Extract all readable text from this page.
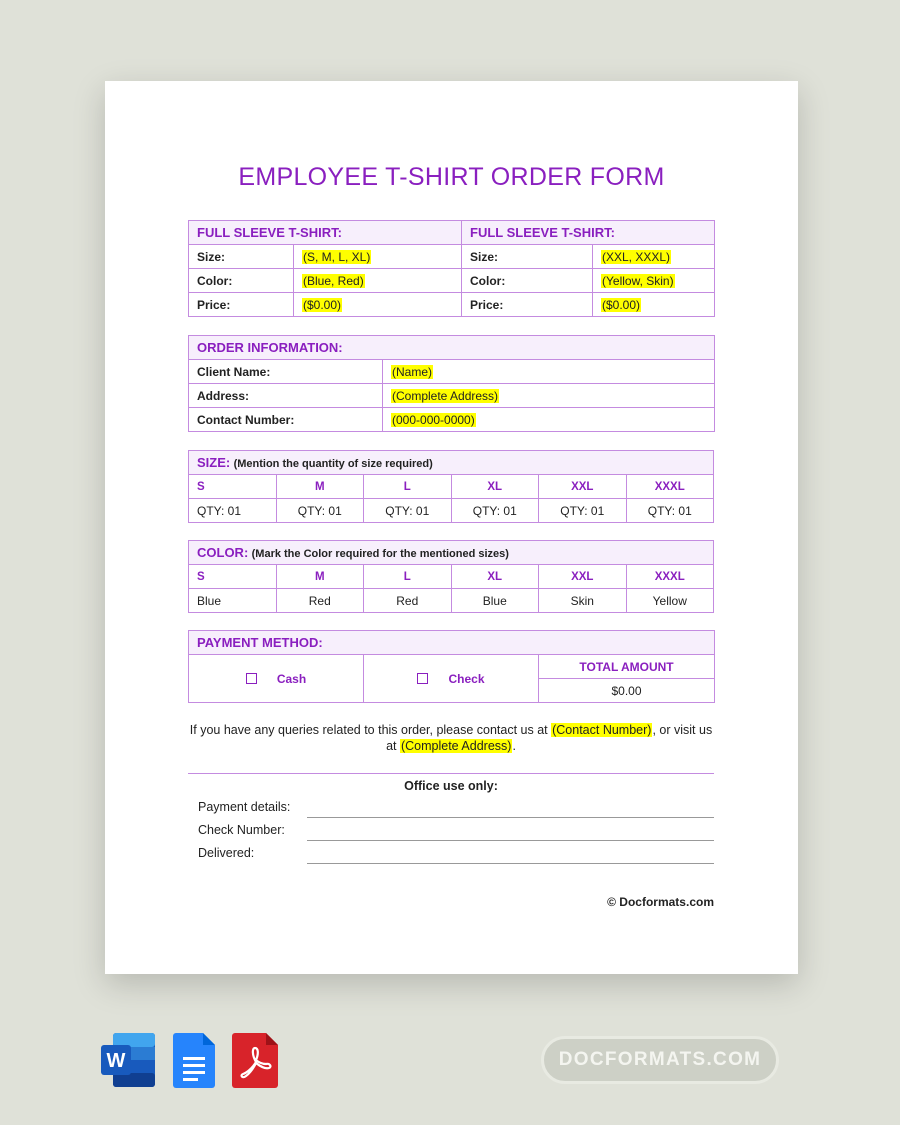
EMPLOYEE T-SHIRT ORDER FORM
FULL SLEEVE T-SHIRT:		FULL SLEEVE T-SHIRT:	
Size:	(S, M, L, XL)	Size:	(XXL, XXXL)
Color:	(Blue, Red)	Color:	(Yellow, Skin)
Price:	($0.00)	Price:	($0.00)
ORDER INFORMATION:	
Client Name:	(Name)
Address:	(Complete Address)
Contact Number:	(000-000-0000)
SIZE: (Mention the quantity of size required)					
S	M	L	XL	XXL	XXXL
QTY: 01	QTY: 01	QTY: 01	QTY: 01	QTY: 01	QTY: 01
COLOR: (Mark the Color required for the mentioned sizes)					
S	M	L	XL	XXL	XXXL
Blue	Red	Red	Blue	Skin	Yellow
PAYMENT METHOD:
Cash	Check	TOTAL AMOUNT
$0.00
If you have any queries related to this order, please contact us at (Contact Number), or visit us at (Complete Address).
Office use only:
Payment details:
Check Number:
Delivered:
© Docformats.com
W	DOCFORMATS.COM
